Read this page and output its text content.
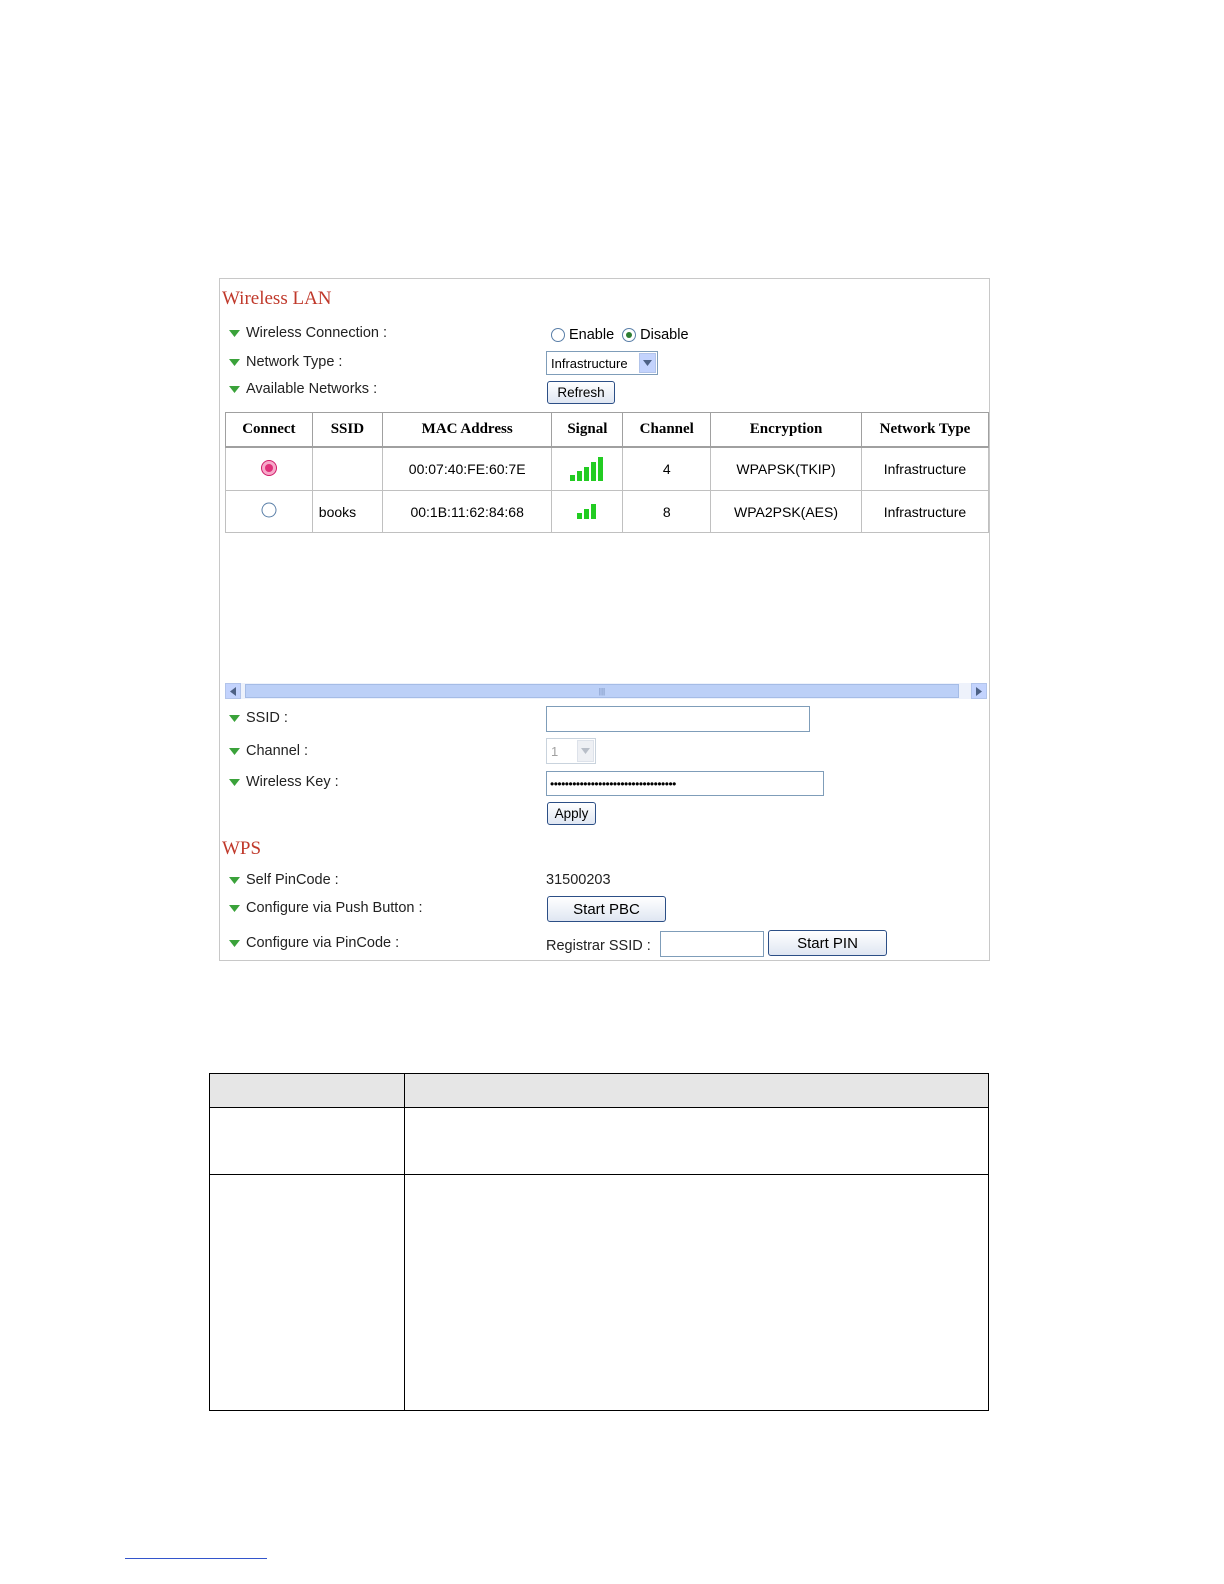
Wireless LAN
Wireless Connection :	Enable Disable
Network Type :	Infrastructure
Available Networks :	Refresh
Connect	SSID	MAC Address	Signal	Channel	Encryption	Network Type
		00:07:40:FE:60:7E		4	WPAPSK(TKIP)	Infrastructure
	books	00:1B:11:62:84:68		8	WPA2PSK(AES)	Infrastructure
|||
SSID :
Channel :	1
Wireless Key :	••••••••••••••••••••••••••••••••••
Apply
WPS
Self PinCode :	31500203
Configure via Push Button :	Start PBC
Configure via PinCode :	Registrar SSID :	Start PIN
